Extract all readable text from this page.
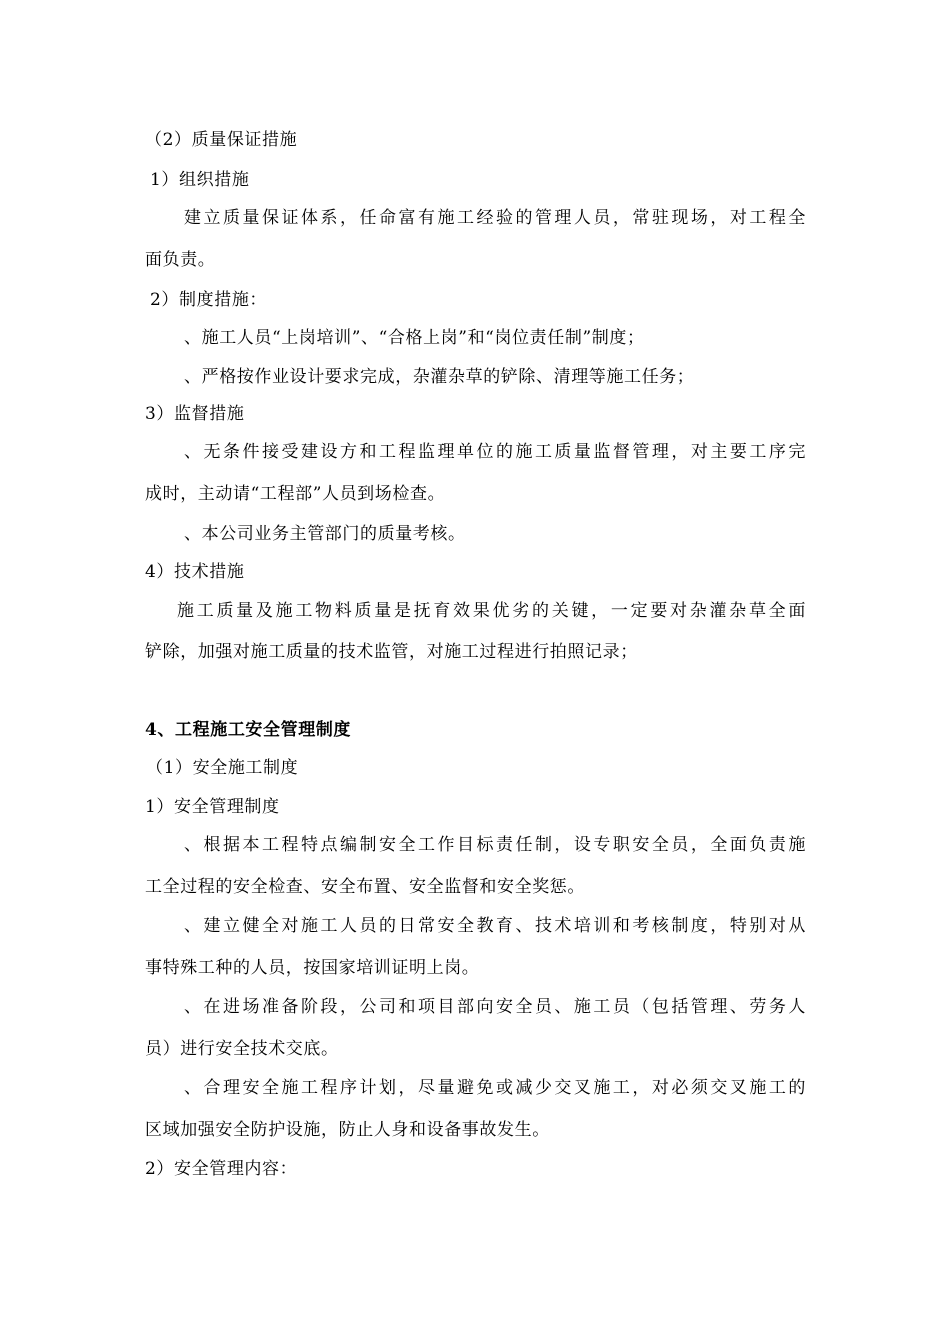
（2）质量保证措施
1）组织措施
建立质量保证体系，任命富有施工经验的管理人员，常驻现场，对工程全
面负责。
2）制度措施：
、施工人员“上岗培训”、“合格上岗”和“岗位责任制”制度；
、严格按作业设计要求完成，杂灌杂草的铲除、清理等施工任务；
3）监督措施
、无条件接受建设方和工程监理单位的施工质量监督管理，对主要工序完
成时，主动请“工程部”人员到场检查。
、本公司业务主管部门的质量考核。
4）技术措施
施工质量及施工物料质量是抚育效果优劣的关键，一定要对杂灌杂草全面
铲除，加强对施工质量的技术监管，对施工过程进行拍照记录；
4、工程施工安全管理制度
（1）安全施工制度
1）安全管理制度
、根据本工程特点编制安全工作目标责任制，设专职安全员，全面负责施
工全过程的安全检查、安全布置、安全监督和安全奖惩。
、建立健全对施工人员的日常安全教育、技术培训和考核制度，特别对从
事特殊工种的人员，按国家培训证明上岗。
、在进场准备阶段，公司和项目部向安全员、施工员（包括管理、劳务人
员）进行安全技术交底。
、合理安全施工程序计划，尽量避免或减少交叉施工，对必须交叉施工的
区域加强安全防护设施，防止人身和设备事故发生。
2）安全管理内容：
